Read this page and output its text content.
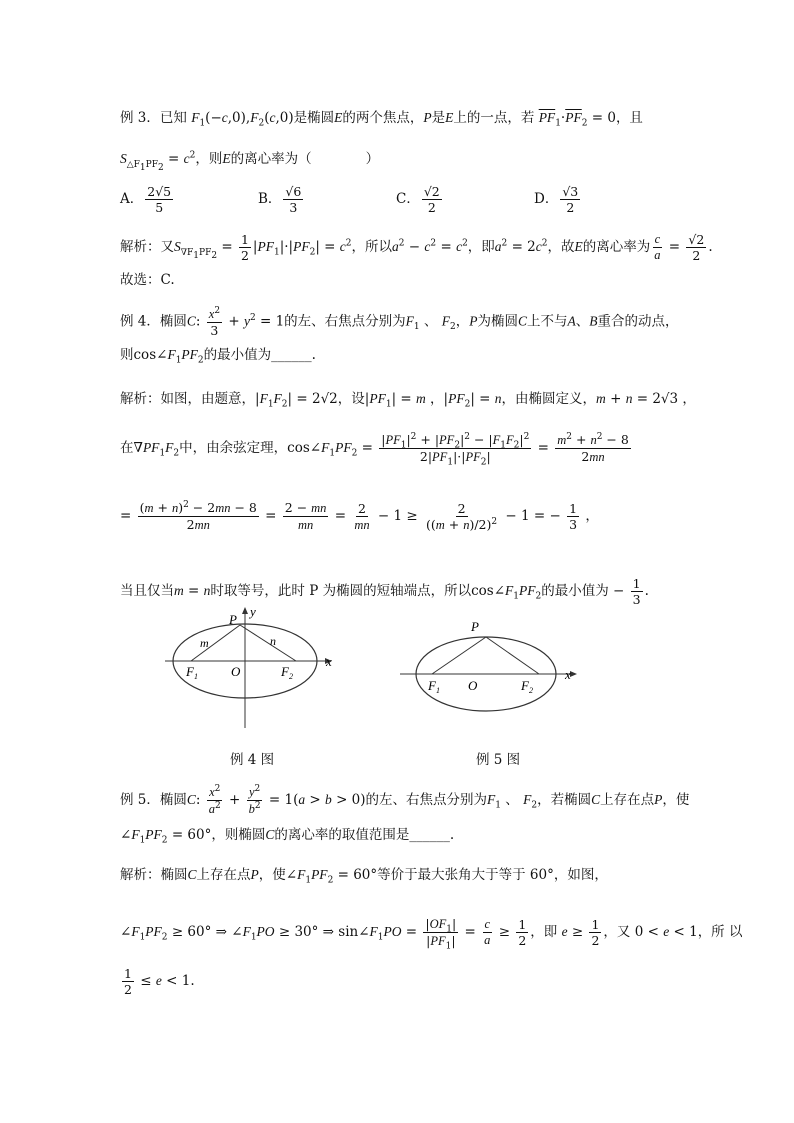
例 3．已知 $F_1(-c,0),F_2(c,0)$是椭圆E的两个焦点，P是E上的一点，若 $\overline{PF}_1\cdot\overline{PF}_2 = 0$，且
$S_{\triangle F_1PF_2} = c^2$，则E的离心率为（　　　　）
A． $\frac{2√5}{5}$	B． $\frac{√6}{3}$	C． $\frac{√2}{2}$	D． $\frac{√3}{2}$
解析：又$S_{\nabla F_1PF_2} = \frac{1}{2} |PF_1|\cdot|PF_2| = c^2$，所以$a^2 - c^2 = c^2$，即$a^2 = 2c^2$，故E的离心率为 $\frac{c}{a} = \frac{√2}{2}$ .
故选：C.
例 4．椭圆C: $\frac{x^2}{3} + y^2 = 1$的左、右焦点分别为$F_1$ 、 $F_2$，P为椭圆C上不与A、B重合的动点，
则$\cos\angle F_1PF_2$的最小值为______.
解析：如图，由题意，$|F_1F_2| = 2√2$，设$|PF_1| = m$ ，$|PF_2| = n$，由椭圆定义，m + n = 2√3 ，
在$\nabla PF_1F_2$中，由余弦定理，$\cos\angle F_1PF_2 = \frac{|PF_1|^2 + |PF_2|^2 - |F_1F_2|^2}{2|PF_1|\cdot|PF_2|} = \frac{m^2 + n^2 - 8}{2mn}$
= $\frac{(m + n)^2 - 2mn - 8}{2mn} = \frac{2 - mn}{mn} = \frac{2}{mn} - 1 \ge \frac{2}{((m + n)/2)^2} - 1$ = − $\frac{1}{3}$ ，
当且仅当m = n时取等号，此时 P 为椭圆的短轴端点，所以$\cos\angle F_1PF_2$的最小值为 − $\frac{1}{3}$ .
x
y
P
m	n
$F_1$	O	$F_2$	x
P
$F_1$ O	$F_2$
例 4 图	例 5 图
例 5．椭圆C: $\frac{x^2}{a^2} + \frac{y^2}{b^2} = 1(a > b > 0)$的左、右焦点分别为$F_1$ 、 $F_2$，若椭圆C上存在点P，使
$\angle F_1PF_2 = 60^\circ$，则椭圆C的离心率的取值范围是______.
解析：椭圆C上存在点P，使$\angle F_1PF_2 = 60^\circ$等价于最大张角大于等于 60°，如图，
$\angle F_1PF_2 \ge 60^\circ$ ⇒ $\angle F_1PO \ge 30^\circ$ ⇒ $\sin\angle F_1PO = \frac{|OF_1|}{|PF_1|} = \frac{c}{a} \ge \frac{1}{2}$ ，即 $e \ge \frac{1}{2}$ ，又 0 < e < 1，所 以
$\frac{1}{2} \le e < 1$.
